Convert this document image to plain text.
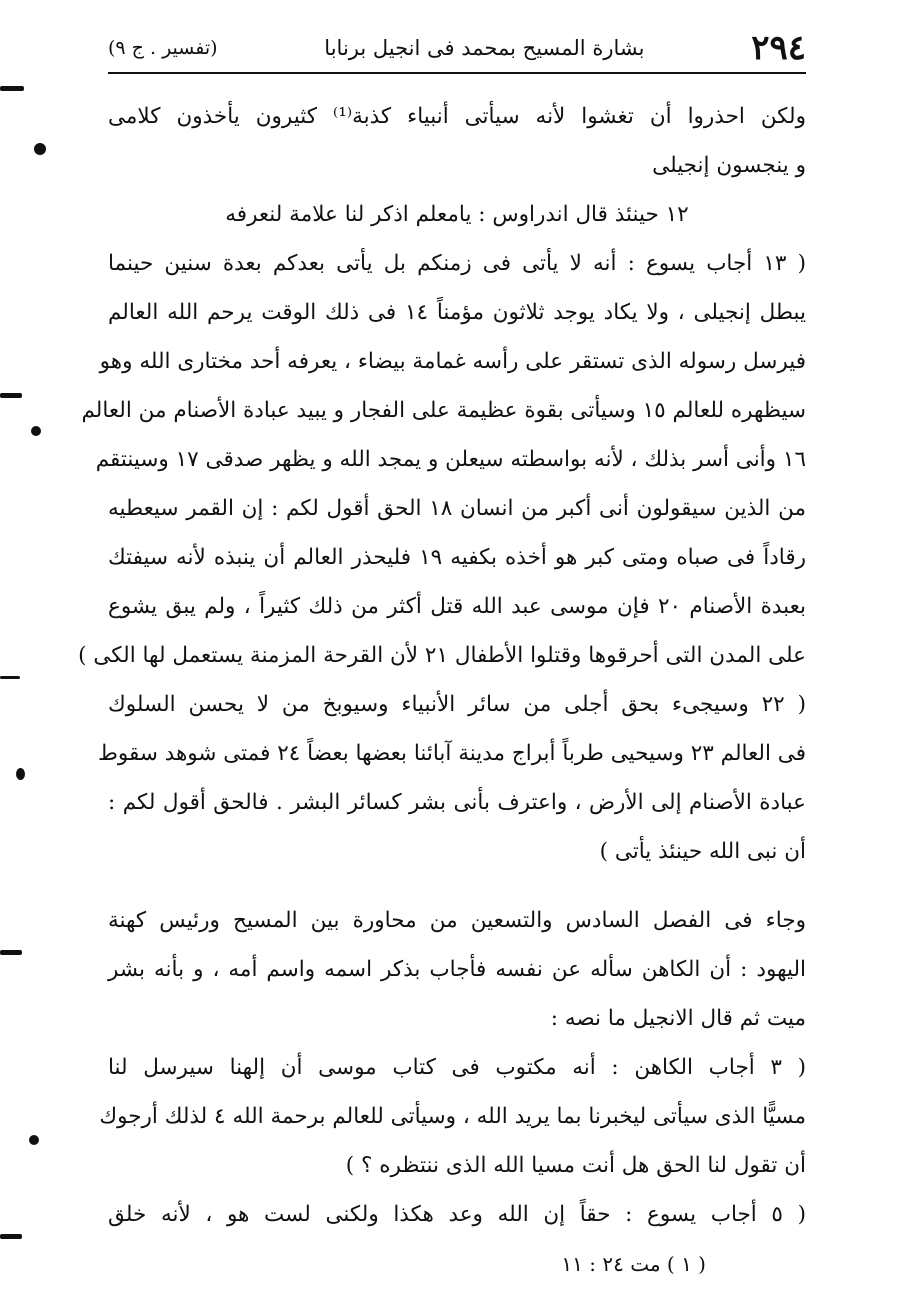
٢٩٤
بشارة المسيح بمحمد فى انجيل برنابا
(تفسير . ج ٩)
ولكن احذروا أن تغشوا لأنه سيأتى أنبياء كذبة⁽¹⁾ كثيرون يأخذون كلامى
و ينجسون إنجيلى
١٢ حينئذ قال اندراوس : يامعلم اذكر لنا علامة لنعرفه
( ١٣ أجاب يسوع : أنه لا يأتى فى زمنكم بل يأتى بعدكم بعدة سنين حينما
يبطل إنجيلى ، ولا يكاد يوجد ثلاثون مؤمناً ١٤ فى ذلك الوقت يرحم الله العالم
فيرسل رسوله الذى تستقر على رأسه غمامة بيضاء ، يعرفه أحد مختارى الله وهو
سيظهره للعالم ١٥ وسيأتى بقوة عظيمة على الفجار و يبيد عبادة الأصنام من العالم
١٦ وأنى أسر بذلك ، لأنه بواسطته سيعلن و يمجد الله و يظهر صدقى ١٧ وسينتقم
من الذين سيقولون أنى أكبر من انسان ١٨ الحق أقول لكم : إن القمر سيعطيه
رقاداً فى صباه ومتى كبر هو أخذه بكفيه ١٩ فليحذر العالم أن ينبذه لأنه سيفتك
بعبدة الأصنام ٢٠ فإن موسى عبد الله قتل أكثر من ذلك كثيراً ، ولم يبق يشوع
على المدن التى أحرقوها وقتلوا الأطفال ٢١ لأن القرحة المزمنة يستعمل لها الكى )
( ٢٢ وسيجىء بحق أجلى من سائر الأنبياء وسيوبخ من لا يحسن السلوك
فى العالم ٢٣ وسيحيى طرباً أبراج مدينة آبائنا بعضها بعضاً ٢٤ فمتى شوهد سقوط
عبادة الأصنام إلى الأرض ، واعترف بأنى بشر كسائر البشر . فالحق أقول لكم :
أن نبى الله حينئذ يأتى )
وجاء فى الفصل السادس والتسعين من محاورة بين المسيح ورئيس كهنة
اليهود : أن الكاهن سأله عن نفسه فأجاب بذكر اسمه واسم أمه ، و بأنه بشر
ميت ثم قال الانجيل ما نصه :
( ٣ أجاب الكاهن : أنه مكتوب فى كتاب موسى أن إلهنا سيرسل لنا
مسيًّا الذى سيأتى ليخبرنا بما يريد الله ، وسيأتى للعالم برحمة الله ٤ لذلك أرجوك
أن تقول لنا الحق هل أنت مسيا الله الذى ننتظره ؟ )
( ٥ أجاب يسوع : حقاً إن الله وعد هكذا ولكنى لست هو ، لأنه خلق
( ١ ) مت ٢٤ : ١١
